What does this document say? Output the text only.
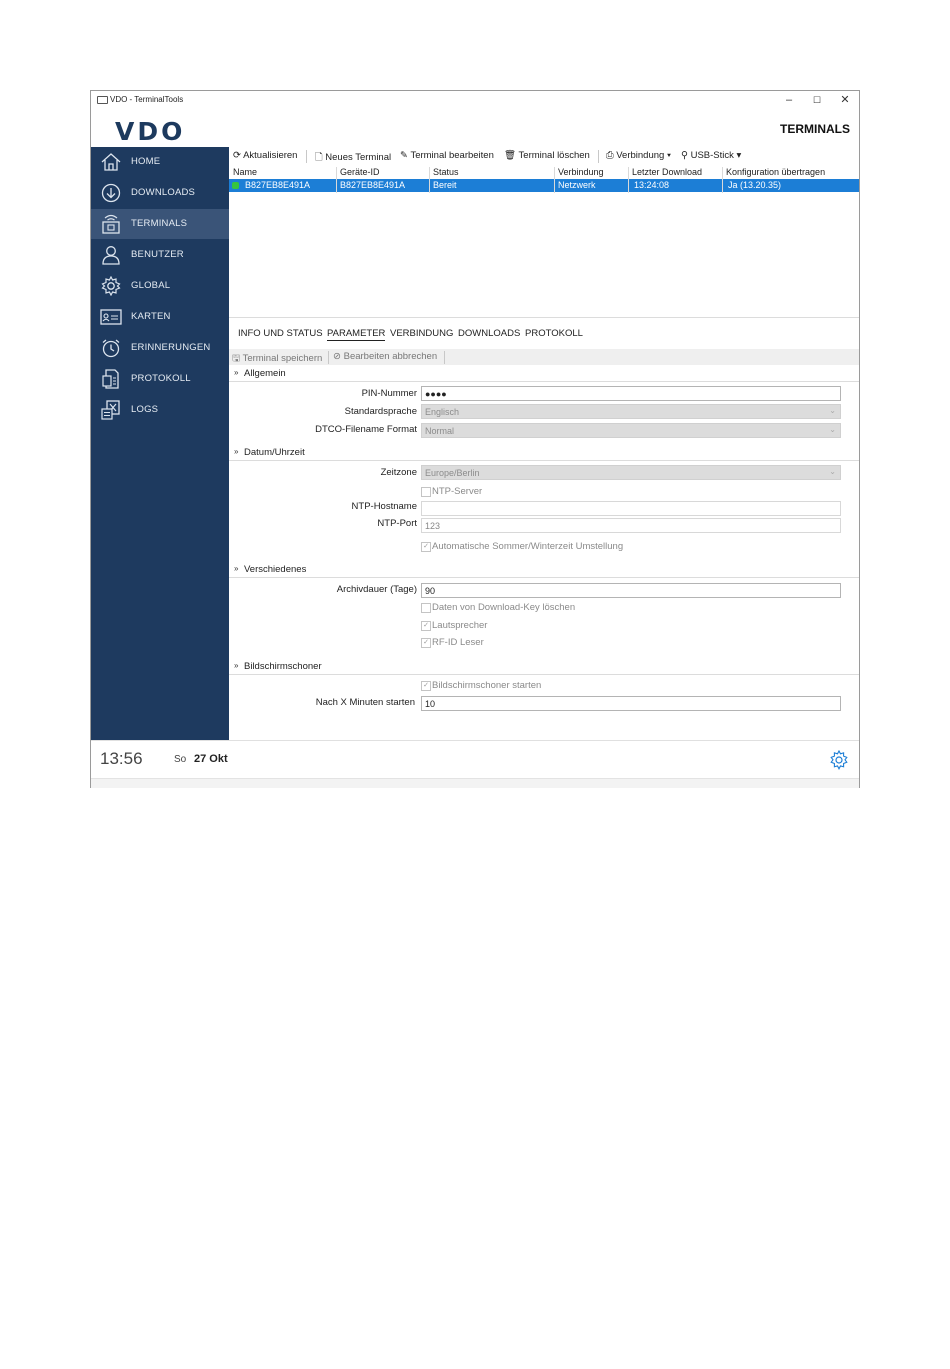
VDO - TerminalTools	–	☐	✕
VDO	TERMINALS
HOME
DOWNLOADS
TERMINALS
BENUTZER
GLOBAL
KARTEN
ERINNERUNGEN
PROTOKOLL
LOGS
⟳ Aktualisieren 🗋 Neues Terminal ✎ Terminal bearbeiten 🗑 Terminal löschen ⎙ Verbindung ▾ ⚲ USB-Stick ▾
Name	Geräte-ID	Status	Verbindung	Letzter Download	Konfiguration übertragen
B827EB8E491A	B827EB8E491A	Bereit	Netzwerk	13:24:08	Ja (13.20.35)
INFO UND STATUS PARAMETER VERBINDUNG DOWNLOADS PROTOKOLL
🖫 Terminal speichern ⊘ Bearbeiten abbrechen
» Allgemein
PIN-Nummer ●●●●
Standardsprache Englisch	⌄
DTCO-Filename Format Normal	⌄
» Datum/Uhrzeit
Zeitzone Europe/Berlin	⌄
NTP-Server
NTP-Hostname
NTP-Port 123
✓ Automatische Sommer/Winterzeit Umstellung
» Verschiedenes
Archivdauer (Tage) 90
Daten von Download-Key löschen
✓ Lautsprecher
✓ RF-ID Leser
» Bildschirmschoner
✓ Bildschirmschoner starten
Nach X Minuten starten	10
13:56	So 27 Okt
